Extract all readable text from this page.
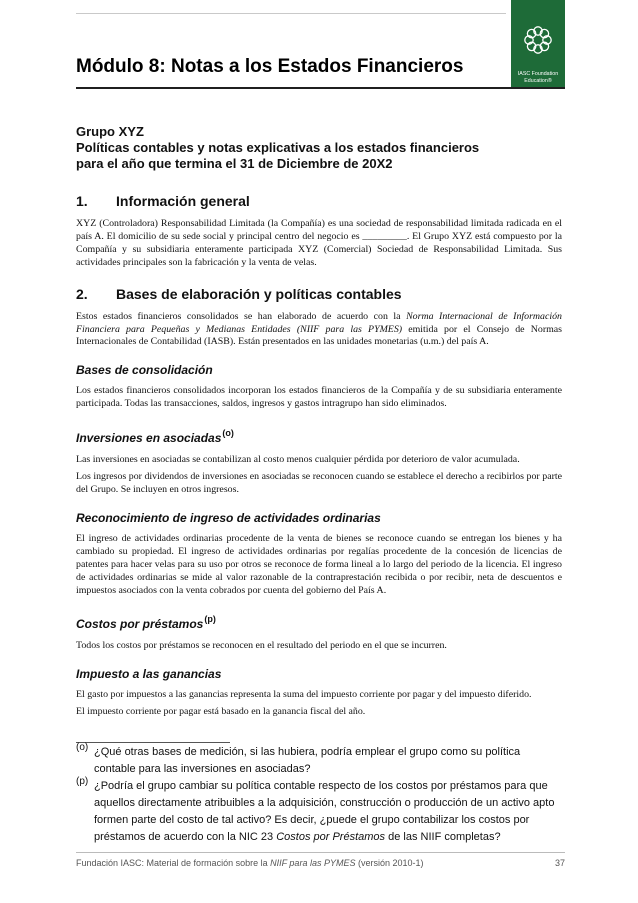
IASC Foundation
Education®
Módulo 8: Notas a los Estados Financieros

Grupo XYZ

Políticas contables y notas explicativas a los estados financieros

para el año que termina el 31 de Diciembre de 20X2

1.	Información general

XYZ (Controladora) Responsabilidad Limitada (la Compañía) es una sociedad de responsabilidad limitada radicada en el país A. El domicilio de su sede social y principal centro del negocio es _________. El Grupo XYZ está compuesto por la Compañía y su subsidiaria enteramente participada XYZ (Comercial) Sociedad de Responsabilidad Limitada. Sus actividades principales son la fabricación y la venta de velas.

2.	Bases de elaboración y políticas contables

Estos estados financieros consolidados se han elaborado de acuerdo con la Norma Internacional de Información Financiera para Pequeñas y Medianas Entidades (NIIF para las PYMES) emitida por el Consejo de Normas Internacionales de Contabilidad (IASB). Están presentados en las unidades monetarias (u.m.) del país A.

Bases de consolidación

Los estados financieros consolidados incorporan los estados financieros de la Compañía y de su subsidiaria enteramente participada. Todas las transacciones, saldos, ingresos y gastos intragrupo han sido eliminados.

Inversiones en asociadas$^{(o)}$

Las inversiones en asociadas se contabilizan al costo menos cualquier pérdida por deterioro de valor acumulada.

Los ingresos por dividendos de inversiones en asociadas se reconocen cuando se establece el derecho a recibirlos por parte del Grupo. Se incluyen en otros ingresos.

Reconocimiento de ingreso de actividades ordinarias

El ingreso de actividades ordinarias procedente de la venta de bienes se reconoce cuando se entregan los bienes y ha cambiado su propiedad. El ingreso de actividades ordinarias por regalías procedente de la concesión de licencias de patentes para hacer velas para su uso por otros se reconoce de forma lineal a lo largo del periodo de la licencia. El ingreso de actividades ordinarias se mide al valor razonable de la contraprestación recibida o por recibir, neta de descuentos e impuestos asociados con la venta cobrados por cuenta del gobierno del País A.

Costos por préstamos$^{(p)}$

Todos los costos por préstamos se reconocen en el resultado del periodo en el que se incurren.

Impuesto a las ganancias

El gasto por impuestos a las ganancias representa la suma del impuesto corriente por pagar y del impuesto diferido.

El impuesto corriente por pagar está basado en la ganancia fiscal del año.

(o) ¿Qué otras bases de medición, si las hubiera, podría emplear el grupo como su política contable para las inversiones en asociadas?

(p) ¿Podría el grupo cambiar su política contable respecto de los costos por préstamos para que aquellos directamente atribuibles a la adquisición, construcción o producción de un activo apto formen parte del costo de tal activo? Es decir, ¿puede el grupo contabilizar los costos por préstamos de acuerdo con la NIC 23 Costos por Préstamos de las NIIF completas?

Fundación IASC: Material de formación sobre la NIIF para las PYMES (versión 2010-1)	37
